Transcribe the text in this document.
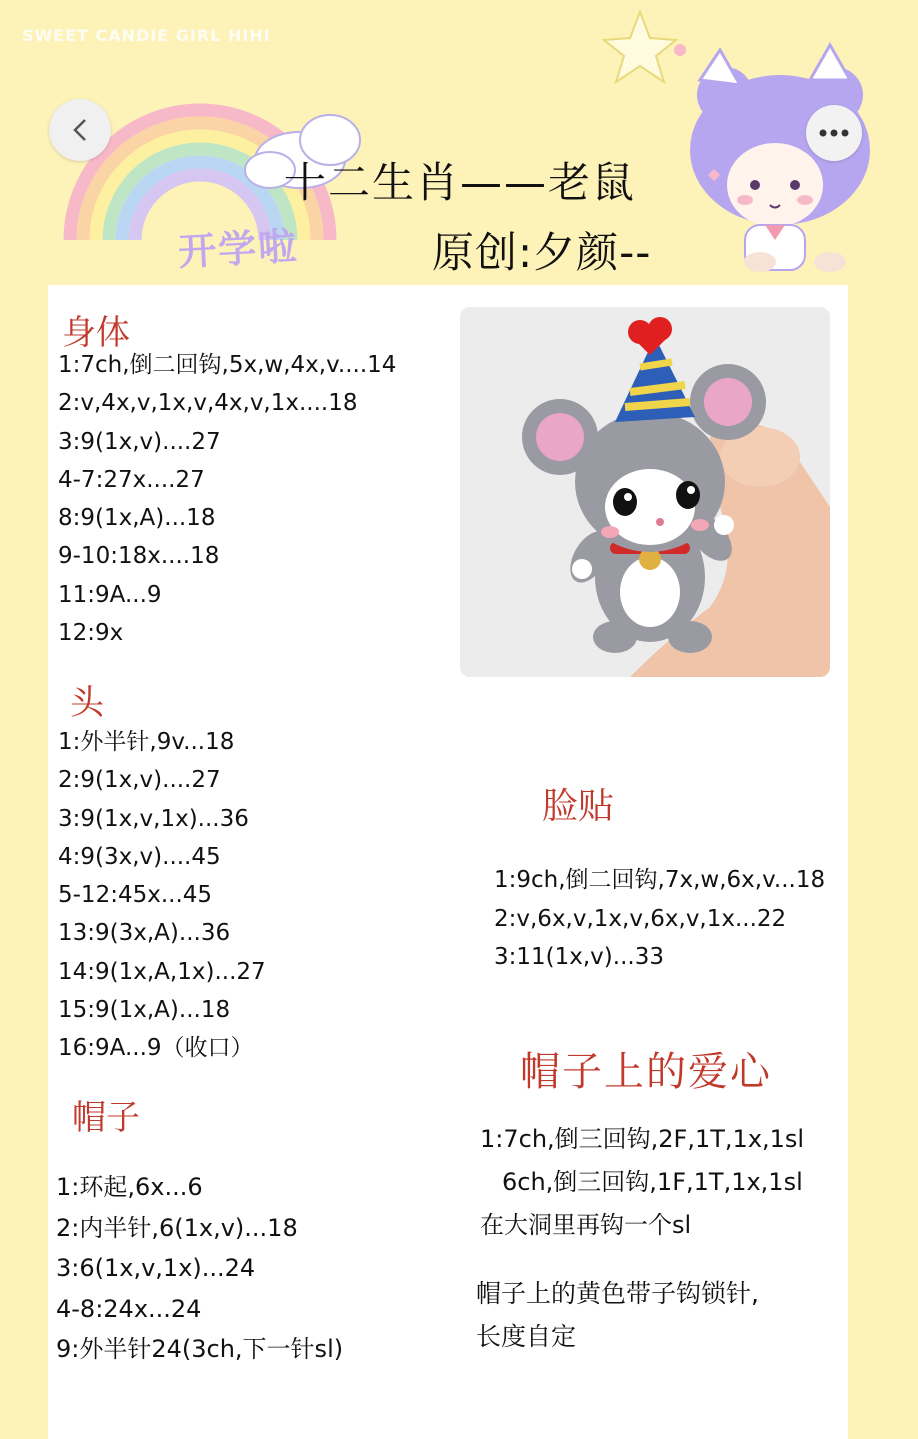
SWEET CANDIE GIRL HIHI
开学啦
十二生肖——老鼠
原创:夕颜--
身体
1:7ch,倒二回钩,5x,w,4x,v....14
2:v,4x,v,1x,v,4x,v,1x....18
3:9(1x,v)....27
4-7:27x....27
8:9(1x,A)...18
9-10:18x....18
11:9A...9
12:9x
头
1:外半针,9v...18
2:9(1x,v)....27
3:9(1x,v,1x)...36
4:9(3x,v)....45
5-12:45x...45
13:9(3x,A)...36
14:9(1x,A,1x)...27
15:9(1x,A)...18
16:9A...9（收口）
帽子
1:环起,6x...6
2:内半针,6(1x,v)...18
3:6(1x,v,1x)...24
4-8:24x...24
9:外半针24(3ch,下一针sl)
脸贴
1:9ch,倒二回钩,7x,w,6x,v...18
2:v,6x,v,1x,v,6x,v,1x...22
3:11(1x,v)...33
帽子上的爱心
1:7ch,倒三回钩,2F,1T,1x,1sl
6ch,倒三回钩,1F,1T,1x,1sl
在大洞里再钩一个sl
帽子上的黄色带子钩锁针,
长度自定
